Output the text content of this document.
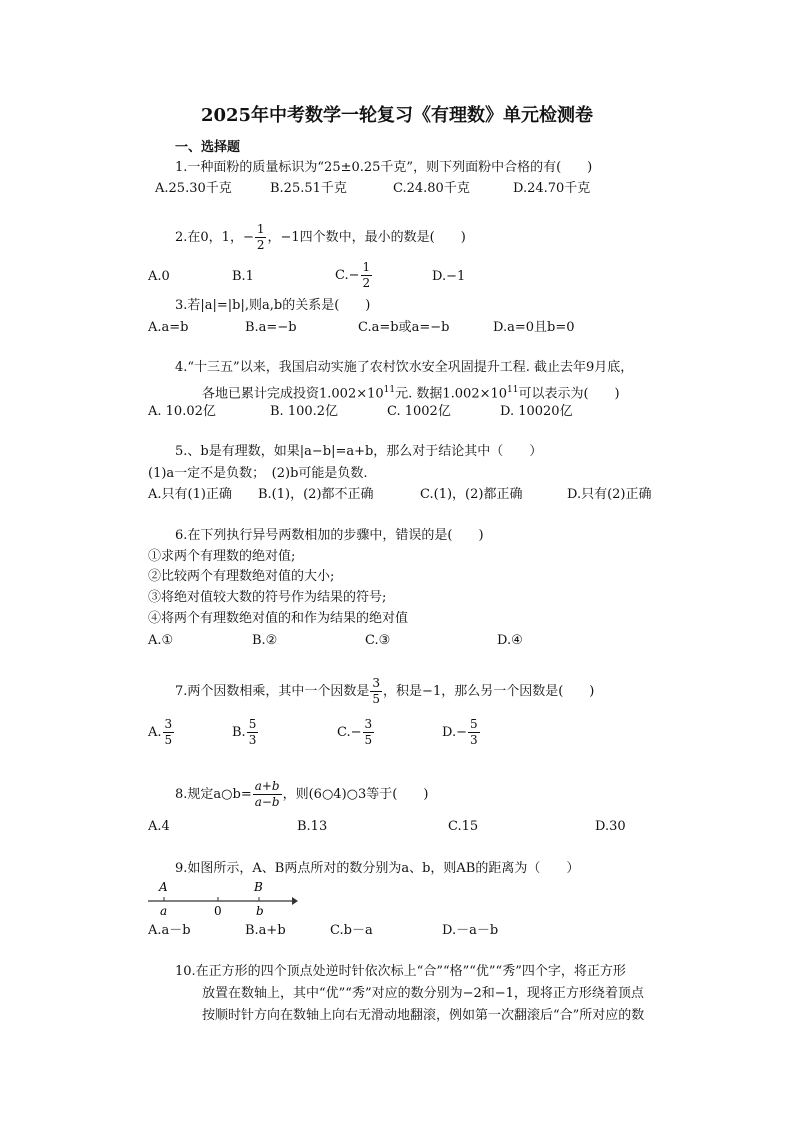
2025年中考数学一轮复习《有理数》单元检测卷
一、选择题
1.一种面粉的质量标识为“25±0.25千克”，则下列面粉中合格的有(　　)
A.25.30千克	B.25.51千克	C.24.80千克	D.24.70千克
2.在0，1，− $\frac{1}{2}$ ，−1四个数中，最小的数是(　　)
A.0	B.1	$C.- \frac{1}{2}$	D.−1
3.若|a|=|b|,则a,b的关系是(　　)
A.a=b	B.a=−b	C.a=b或a=−b	D.a=0且b=0
4.“十三五”以来，我国启动实施了农村饮水安全巩固提升工程. 截止去年9月底，
各地已累计完成投资$1.002\times 10^{11}$元. 数据$1.002\times 10^{11}$可以表示为(　　)
A. 10.02亿	B. 100.2亿	C. 1002亿	D. 10020亿
5.、b是有理数，如果|a−b|=a+b，那么对于结论其中（　　）
(1)a一定不是负数；　(2)b可能是负数.
A.只有(1)正确 B.(1)，(2)都不正确	C.(1)，(2)都正确	D.只有(2)正确
6.在下列执行异号两数相加的步骤中，错误的是(　　)
①求两个有理数的绝对值;
②比较两个有理数绝对值的大小;
③将绝对值较大数的符号作为结果的符号;
④将两个有理数绝对值的和作为结果的绝对值
A.①	B.②	C.③	D.④
7.两个因数相乘，其中一个因数是 $\frac{3}{5}$ ，积是−1，那么另一个因数是(　　)
A. $\frac{3}{5}$	B. $\frac{5}{3}$	$C.- \frac{3}{5}$	$D.- \frac{5}{3}$
8.规定a○b= $\frac{a+b}{a-b}$ ，则(6○4)○3等于(　　)
A.4	B.13	C.15	D.30
9.如图所示，A、B两点所对的数分别为a、b，则AB的距离为（　　）
A
a	0
B
b
A.a－b	B.a+b	C.b－a	D.－a－b
10.在正方形的四个顶点处逆时针依次标上“合”“格”“优”“秀”四个字，将正方形
放置在数轴上，其中“优”“秀”对应的数分别为−2和−1，现将正方形绕着顶点
按顺时针方向在数轴上向右无滑动地翻滚，例如第一次翻滚后“合”所对应的数
